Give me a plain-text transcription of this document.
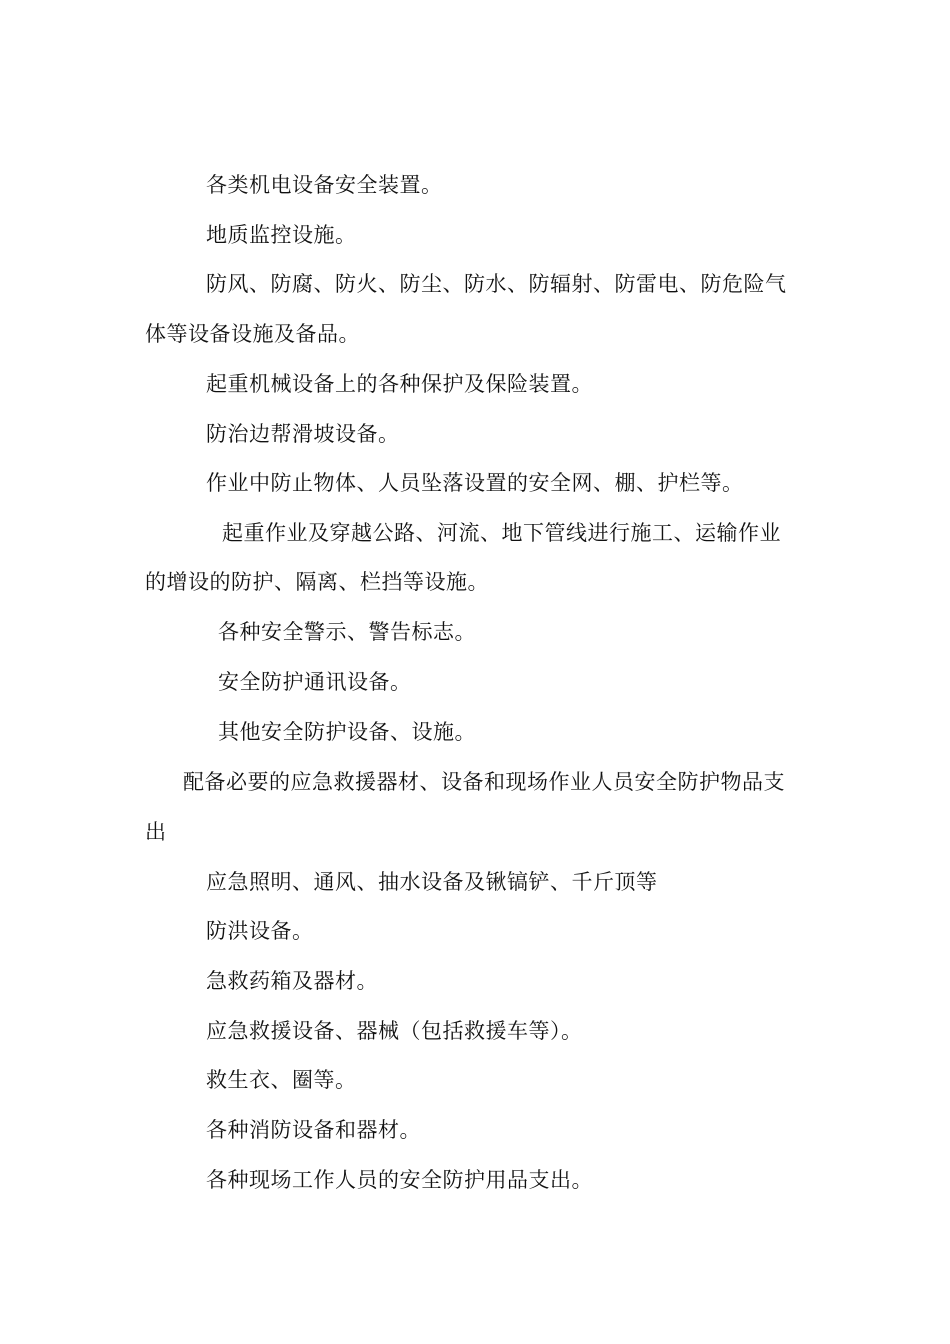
各类机电设备安全装置。
地质监控设施。
防风、防腐、防火、防尘、防水、防辐射、防雷电、防危险气
体等设备设施及备品。
起重机械设备上的各种保护及保险装置。
防治边帮滑坡设备。
作业中防止物体、人员坠落设置的安全网、棚、护栏等。
起重作业及穿越公路、河流、地下管线进行施工、运输作业
的增设的防护、隔离、栏挡等设施。
各种安全警示、警告标志。
安全防护通讯设备。
其他安全防护设备、设施。
配备必要的应急救援器材、设备和现场作业人员安全防护物品支
出
应急照明、通风、抽水设备及锹镐铲、千斤顶等
防洪设备。
急救药箱及器材。
应急救援设备、器械（包括救援车等）。
救生衣、圈等。
各种消防设备和器材。
各种现场工作人员的安全防护用品支出。
